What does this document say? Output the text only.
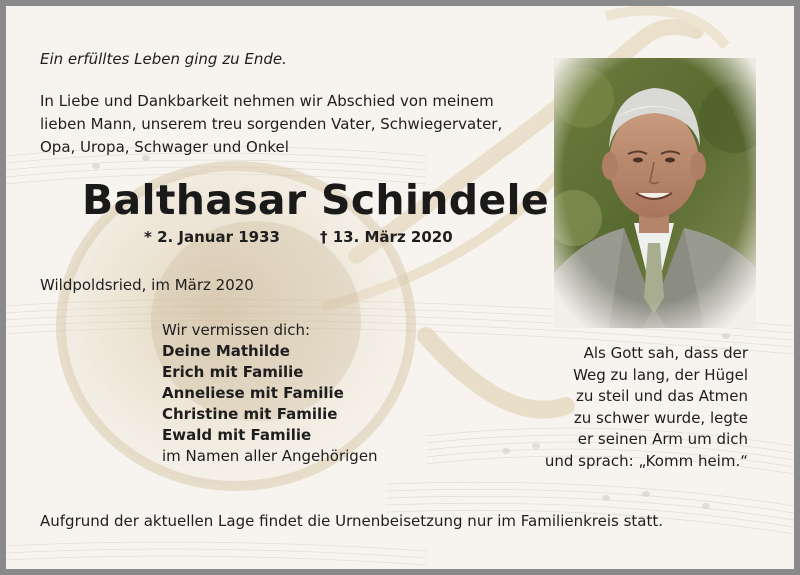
Ein erfülltes Leben ging zu Ende.

In Liebe und Dankbarkeit nehmen wir Abschied von meinem
lieben Mann, unserem treu sorgenden Vater, Schwiegervater,
Opa, Uropa, Schwager und Onkel

Balthasar Schindele

* 2. Januar 1933	† 13. März 2020

Wildpoldsried, im März 2020

Wir vermissen dich:
Deine Mathilde
Erich mit Familie
Anneliese mit Familie
Christine mit Familie
Ewald mit Familie
im Namen aller Angehörigen
Als Gott sah, dass der
Weg zu lang, der Hügel
zu steil und das Atmen
zu schwer wurde, legte
er seinen Arm um dich
und sprach: „Komm heim.“

Aufgrund der aktuellen Lage findet die Urnenbeisetzung nur im Familienkreis statt.
